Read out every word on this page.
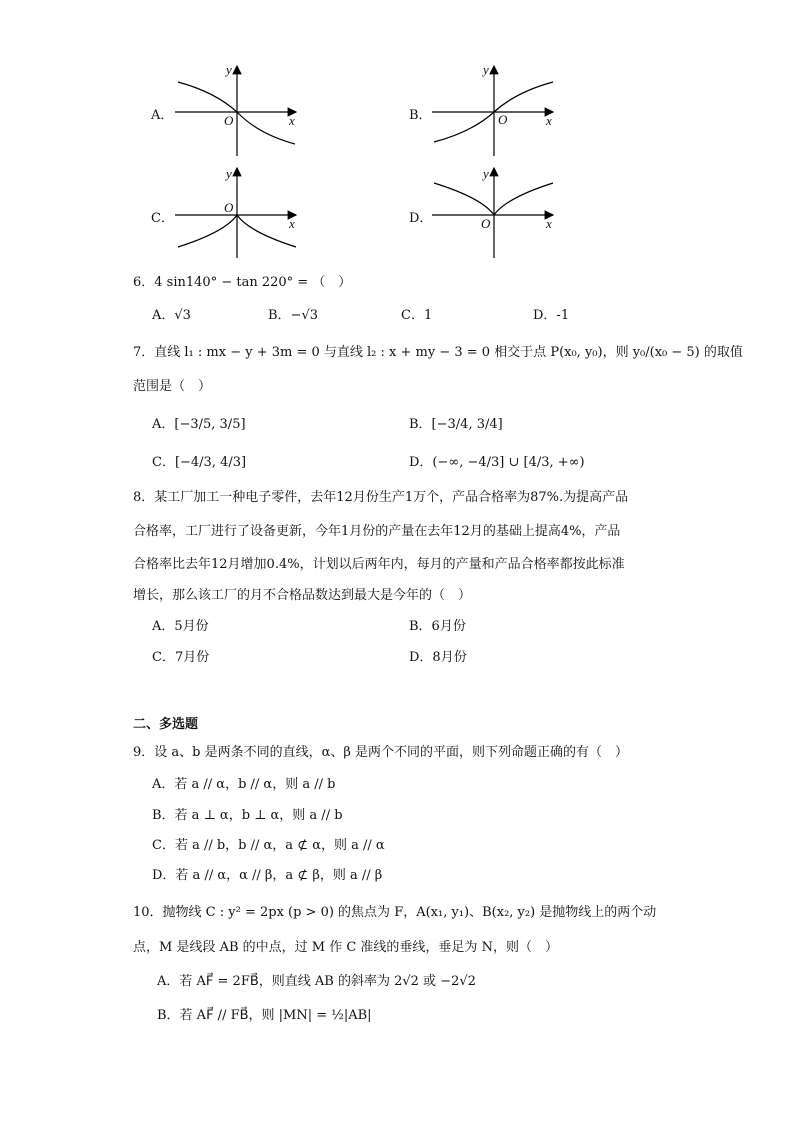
A．
y
O	x	B．
y
O	x
C．
y
O
x	D．
y
O	x
6．4 sin140° − tan 220° = （　）
A．√3	B．−√3	C．1	D．-1
7．直线 l₁ : mx − y + 3m = 0 与直线 l₂ : x + my − 3 = 0 相交于点 P(x₀, y₀)，则 y₀/(x₀ − 5) 的取值
范围是（　）
A．[−3/5, 3/5]	B．[−3/4, 3/4]
C．[−4/3, 4/3]	D．(−∞, −4/3] ∪ [4/3, +∞)
8．某工厂加工一种电子零件，去年12月份生产1万个，产品合格率为87%.为提高产品
合格率，工厂进行了设备更新，今年1月份的产量在去年12月的基础上提高4%，产品
合格率比去年12月增加0.4%，计划以后两年内，每月的产量和产品合格率都按此标准
增长，那么该工厂的月不合格品数达到最大是今年的（　）
A．5月份	B．6月份
C．7月份	D．8月份
二、多选题
9．设 a、b 是两条不同的直线，α、β 是两个不同的平面，则下列命题正确的有（　）
A．若 a // α，b // α，则 a // b
B．若 a ⊥ α，b ⊥ α，则 a // b
C．若 a // b，b // α，a ⊄ α，则 a // α
D．若 a // α，α // β，a ⊄ β，则 a // β
10．抛物线 C : y² = 2px (p > 0) 的焦点为 F，A(x₁, y₁)、B(x₂, y₂) 是抛物线上的两个动
点，M 是线段 AB 的中点，过 M 作 C 准线的垂线，垂足为 N，则（　）
A．若 AF⃗ = 2FB⃗，则直线 AB 的斜率为 2√2 或 −2√2
B．若 AF⃗ // FB⃗，则 |MN| = ½|AB|
